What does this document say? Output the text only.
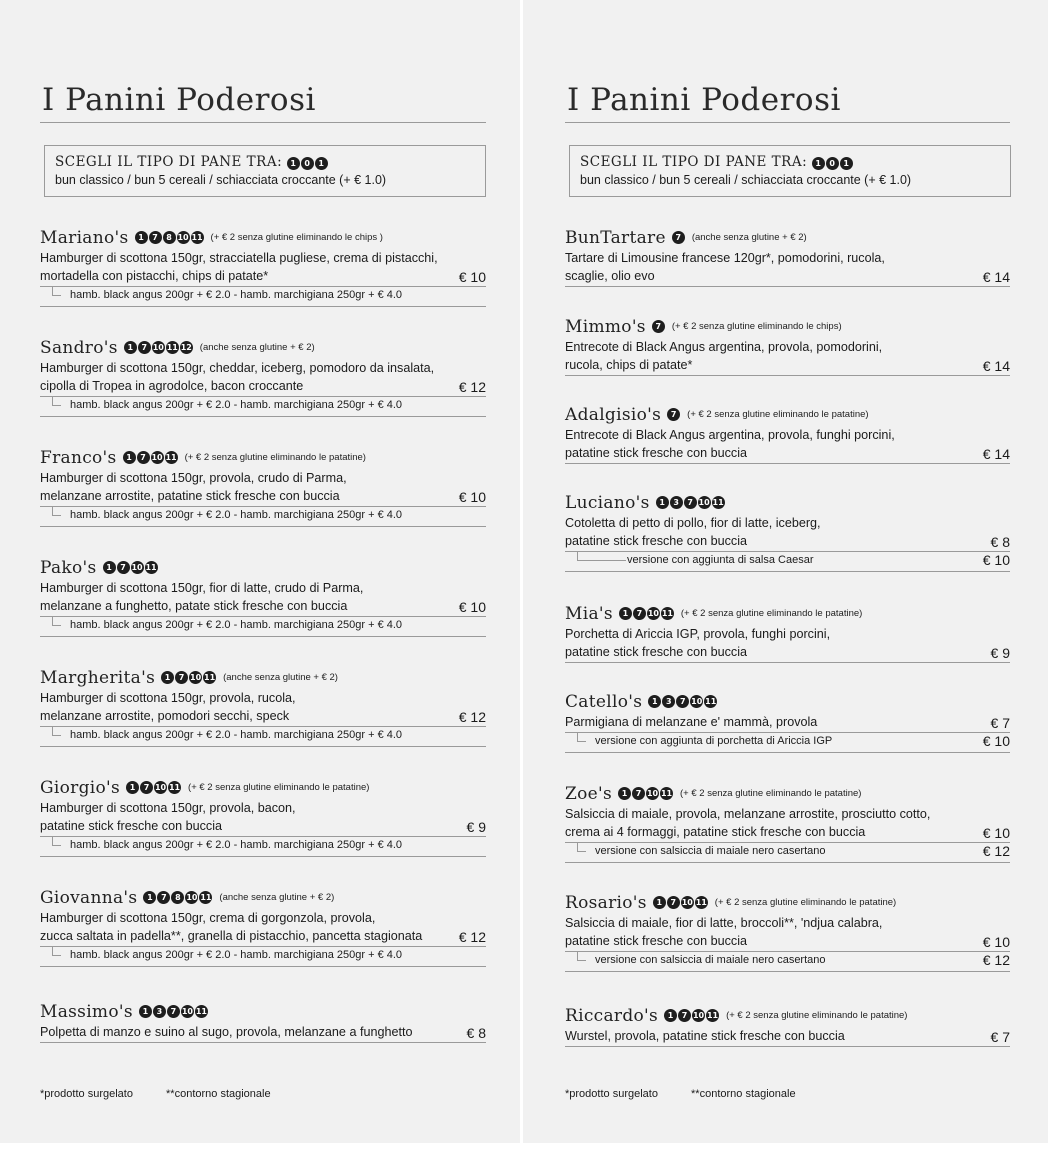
I Panini Poderosi
SCEGLI IL TIPO DI PANE TRA:	1 0 1
bun classico / bun 5 cereali / schiacciata croccante (+ € 1.0)
Mariano's	1	7	8 10 11 (+ € 2 senza glutine eliminando le chips )
Hamburger di scottona 150gr, stracciatella pugliese, crema di pistacchi,
mortadella con pistacchi, chips di patate*	€ 10
hamb. black angus 200gr + € 2.0 - hamb. marchigiana 250gr + € 4.0
Sandro's	1	7 10 11 12 (anche senza glutine + € 2)
Hamburger di scottona 150gr, cheddar, iceberg, pomodoro da insalata,
cipolla di Tropea in agrodolce, bacon croccante	€ 12
hamb. black angus 200gr + € 2.0 - hamb. marchigiana 250gr + € 4.0
Franco's	1	7 10 11 (+ € 2 senza glutine eliminando le patatine)
Hamburger di scottona 150gr, provola, crudo di Parma,
melanzane arrostite, patatine stick fresche con buccia	€ 10
hamb. black angus 200gr + € 2.0 - hamb. marchigiana 250gr + € 4.0
Pako's	1	7 10 11
Hamburger di scottona 150gr, fior di latte, crudo di Parma,
melanzane a funghetto, patate stick fresche con buccia	€ 10
hamb. black angus 200gr + € 2.0 - hamb. marchigiana 250gr + € 4.0
Margherita's	1	7 10 11 (anche senza glutine + € 2)
Hamburger di scottona 150gr, provola, rucola,
melanzane arrostite, pomodori secchi, speck	€ 12
hamb. black angus 200gr + € 2.0 - hamb. marchigiana 250gr + € 4.0
Giorgio's	1	7 10 11 (+ € 2 senza glutine eliminando le patatine)
Hamburger di scottona 150gr, provola, bacon,
patatine stick fresche con buccia	€ 9
hamb. black angus 200gr + € 2.0 - hamb. marchigiana 250gr + € 4.0
Giovanna's	1	7	8 10 11 (anche senza glutine + € 2)
Hamburger di scottona 150gr, crema di gorgonzola, provola,
zucca saltata in padella**, granella di pistacchio, pancetta stagionata	€ 12
hamb. black angus 200gr + € 2.0 - hamb. marchigiana 250gr + € 4.0
Massimo's	1	3	7 10 11
Polpetta di manzo e suino al sugo, provola, melanzane a funghetto	€ 8
*prodotto surgelato	**contorno stagionale
I Panini Poderosi
SCEGLI IL TIPO DI PANE TRA:	1 0 1
bun classico / bun 5 cereali / schiacciata croccante (+ € 1.0)
BunTartare	7	(anche senza glutine + € 2)
Tartare di Limousine francese 120gr*, pomodorini, rucola,
scaglie, olio evo	€ 14
Mimmo's	7	(+ € 2 senza glutine eliminando le chips)
Entrecote di Black Angus argentina, provola, pomodorini,
rucola, chips di patate*	€ 14
Adalgisio's	7	(+ € 2 senza glutine eliminando le patatine)
Entrecote di Black Angus argentina, provola, funghi porcini,
patatine stick fresche con buccia	€ 14
Luciano's	1	3	7 10 11
Cotoletta di petto di pollo, fior di latte, iceberg,
patatine stick fresche con buccia	€ 8
versione con aggiunta di salsa Caesar	€ 10
Mia's	1	7 10 11 (+ € 2 senza glutine eliminando le patatine)
Porchetta di Ariccia IGP, provola, funghi porcini,
patatine stick fresche con buccia	€ 9
Catello's	1	3	7 10 11
Parmigiana di melanzane e' mammà, provola	€ 7
versione con aggiunta di porchetta di Ariccia IGP	€ 10
Zoe's	1	7 10 11 (+ € 2 senza glutine eliminando le patatine)
Salsiccia di maiale, provola, melanzane arrostite, prosciutto cotto,
crema ai 4 formaggi, patatine stick fresche con buccia	€ 10
versione con salsiccia di maiale nero casertano	€ 12
Rosario's	1	7 10 11 (+ € 2 senza glutine eliminando le patatine)
Salsiccia di maiale, fior di latte, broccoli**, 'ndjua calabra,
patatine stick fresche con buccia	€ 10
versione con salsiccia di maiale nero casertano	€ 12
Riccardo's	1	7 10 11 (+ € 2 senza glutine eliminando le patatine)
Wurstel, provola, patatine stick fresche con buccia	€ 7
*prodotto surgelato	**contorno stagionale
